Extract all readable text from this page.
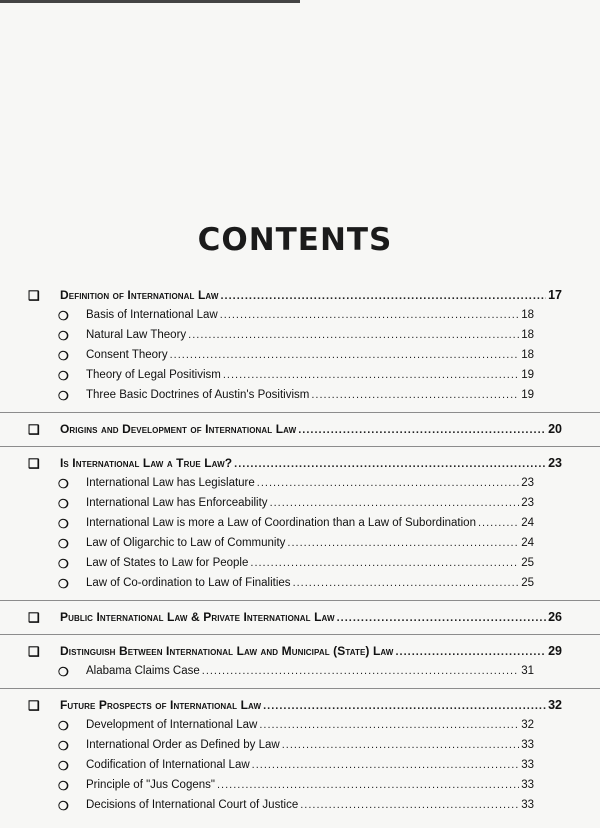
CONTENTS
❑ Definition of International Law .....	17
❍ Basis of International Law .....	18
❍ Natural Law Theory .....	18
❍ Consent Theory .....	18
❍ Theory of Legal Positivism .....	19
❍ Three Basic Doctrines of Austin's Positivism .....	19
❑ Origins and Development of International Law .....	20
❑ Is International Law a True Law? .....	23
❍ International Law has Legislature .....	23
❍ International Law has Enforceability .....	23
❍ International Law is more a Law of Coordination than a Law of Subordination .....	24
❍ Law of Oligarchic to Law of Community .....	24
❍ Law of States to Law for People .....	25
❍ Law of Co-ordination to Law of Finalities .....	25
❑ Public International Law & Private International Law .....	26
❑ Distinguish Between International Law and Municipal (State) Law .....	29
❍ Alabama Claims Case .....	31
❑ Future Prospects of International Law .....	32
❍ Development of International Law .....	32
❍ International Order as Defined by Law .....	33
❍ Codification of International Law .....	33
❍ Principle of "Jus Cogens" .....	33
❍ Decisions of International Court of Justice .....	33
